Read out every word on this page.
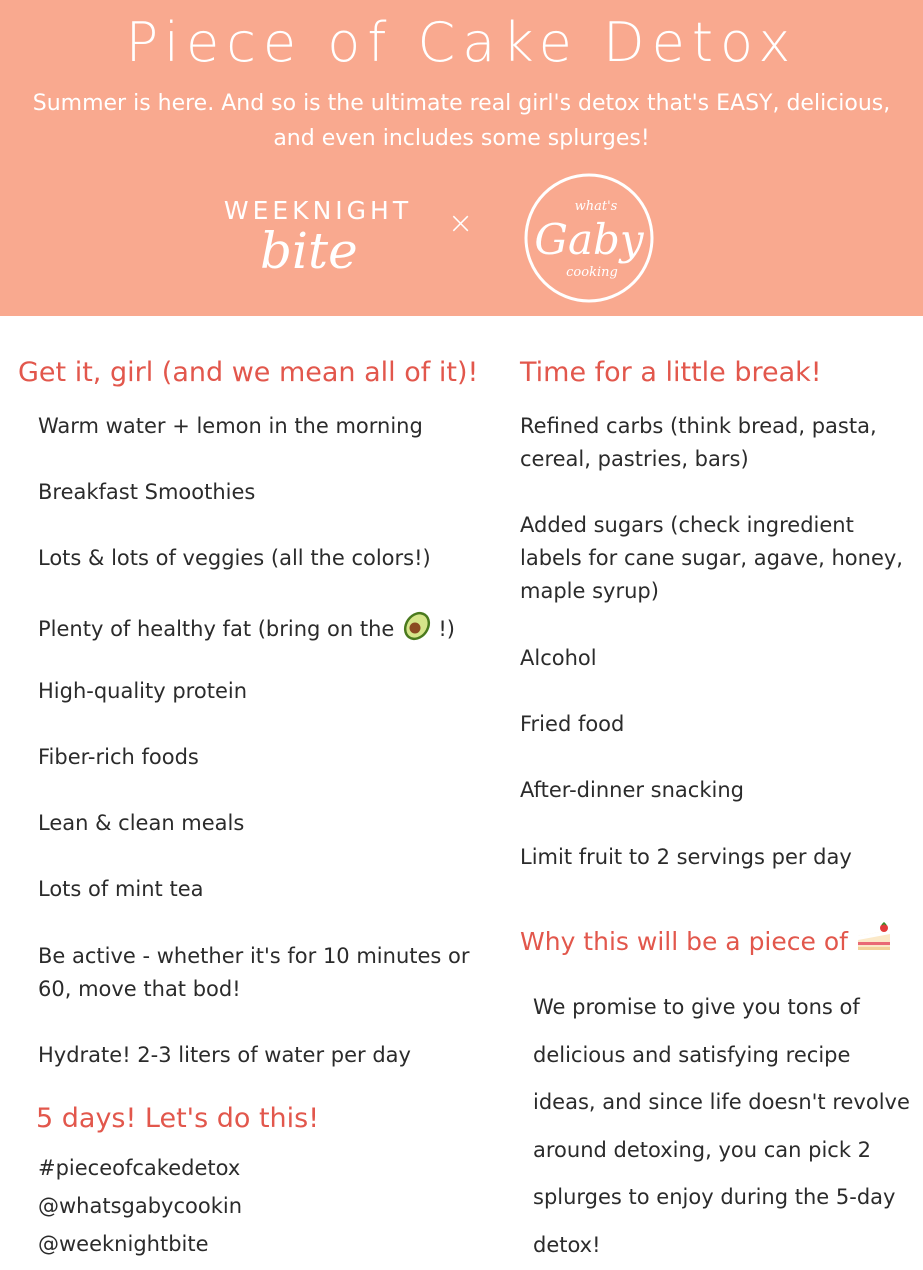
Piece of Cake Detox
Summer is here. And so is the ultimate real girl's detox that's EASY, delicious, and even includes some splurges!
WEEKNIGHT
bite	×	what's
Gaby
cooking
Get it, girl (and we mean all of it)!
Warm water + lemon in the morning
Breakfast Smoothies
Lots & lots of veggies (all the colors!)
Plenty of healthy fat (bring on the !)
High-quality protein
Fiber-rich foods
Lean & clean meals
Lots of mint tea
Be active - whether it's for 10 minutes or 60, move that bod!
Hydrate! 2-3 liters of water per day
5 days! Let's do this!
#pieceofcakedetox
@whatsgabycookin
@weeknightbite
Time for a little break!
Refined carbs (think bread, pasta, cereal, pastries, bars)
Added sugars (check ingredient labels for cane sugar, agave, honey, maple syrup)
Alcohol
Fried food
After-dinner snacking
Limit fruit to 2 servings per day
Why this will be a piece of
We promise to give you tons of delicious and satisfying recipe ideas, and since life doesn't revolve around detoxing, you can pick 2 splurges to enjoy during the 5-day detox!
